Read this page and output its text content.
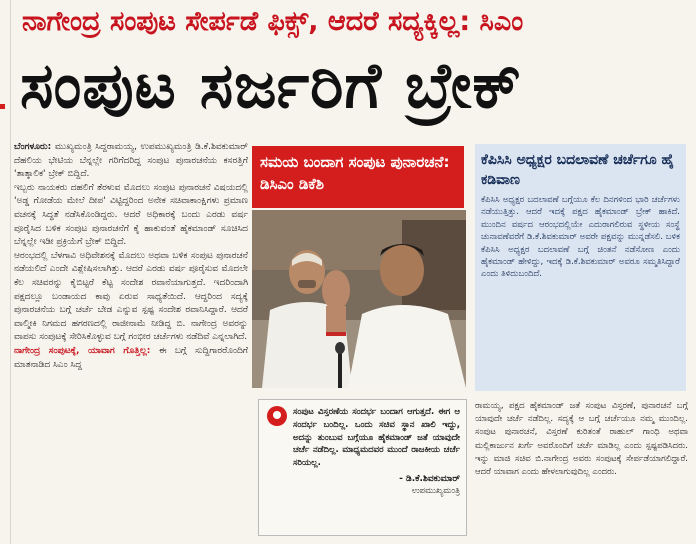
ನಾಗೇಂದ್ರ ಸಂಪುಟ ಸೇರ್ಪಡೆ ಫಿಕ್ಸ್, ಆದರೆ ಸದ್ಯಕ್ಕಿಲ್ಲ: ಸಿಎಂ
ಸಂಪುಟ ಸರ್ಜರಿಗೆ ಬ್ರೇಕ್

ಬೆಂಗಳೂರು: ಮುಖ್ಯಮಂತ್ರಿ ಸಿದ್ದರಾಮಯ್ಯ, ಉಪಮುಖ್ಯಮಂತ್ರಿ ಡಿ.ಕೆ.ಶಿವಕುಮಾರ್ ದೆಹಲಿಯ ಭೇಟಿಯ ಬೆನ್ನಲ್ಲೇ ಗರಿಗೆದರಿದ್ದ ಸಂಪುಟ ಪುನಾರಚನೆಯ ಕಸರತ್ತಿಗೆ 'ತಾತ್ಕಾಲಿಕ' ಬ್ರೇಕ್ ಬಿದ್ದಿದೆ.

ಇಬ್ಬರು ನಾಯಕರು ದಹಲಿಗೆ ತೆರಳುವ ಮೊದಲು ಸಂಪುಟ ಪುನಾರಚನೆ ವಿಷಯದಲ್ಲಿ 'ಅಡ್ಡ ಗೋಡೆಯ ಮೇಲೆ ದೀಪ' ವಿಟ್ಟಿದ್ದರಿಂದ ಅನೇಕ ಸಚಿವಾಕಾಂಕ್ಷಿಗಳು ಪ್ರಮಾಣ ವಚನಕ್ಕೆ ಸಿದ್ಧತೆ ನಡೆಸಿಕೊಂಡಿದ್ದರು. ಆದರೆ ಅಧಿಕಾರಕ್ಕೆ ಬಂದು ಎರಡು ವರ್ಷ ಪೂರೈಸಿದ ಬಳಿಕ ಸಂಪುಟ ಪುನಾರಚನೆಗೆ ಕೈ ಹಾಕುವಂತೆ ಹೈಕಮಾಂಡ್ ಸೂಚಿಸಿದ ಬೆನ್ನಲ್ಲೇ ಇಡೀ ಪ್ರಕ್ರಿಯೆಗೆ ಬ್ರೇಕ್ ಬಿದ್ದಿದೆ.

ಆರಂಭದಲ್ಲಿ ಬೆಳಗಾವಿ ಅಧಿವೇಶನಕ್ಕೆ ಮೊದಲು ಅಥವಾ ಬಳಿಕ ಸಂಪುಟ ಪುನಾರಚನೆ ನಡೆಯಲಿದೆ ಎಂದೇ ವಿಶ್ಲೇಷಿಸಲಾಗಿತ್ತು. ಆದರೆ ಎರಡು ವರ್ಷ ಪೂರೈಸುವ ಮೊದಲೇ ಕೆಲ ಸಚಿವರನ್ನು ಕೈಬಿಟ್ಟರೆ ಕೆಟ್ಟ ಸಂದೇಶ ರವಾನೆಯಾಗುತ್ತದೆ. ಇದರಿಂದಾಗಿ ಪಕ್ಷದಲ್ಲೂ ಬಂಡಾಯದ ಕಾವು ಏರುವ ಸಾಧ್ಯತೆಯಿದೆ. ಆದ್ದರಿಂದ ಸದ್ಯಕ್ಕೆ ಪುನಾರಚನೆಯ ಬಗ್ಗೆ ಚರ್ಚೆ ಬೇಡ ಎನ್ನುವ ಸ್ಪಷ್ಟ ಸಂದೇಶ ರವಾನಿಸಿದ್ದಾರೆ. ಆದರೆ ವಾಲ್ಮೀಕಿ ನಿಗಮದ ಹಗರಣದಲ್ಲಿ ರಾಜೀನಾಮೆ ನೀಡಿದ್ದ ಬಿ. ನಾಗೇಂದ್ರ ಅವರನ್ನು ವಾಪಸು ಸಂಪುಟಕ್ಕೆ ಸೇರಿಸಿಕೊಳ್ಳುವ ಬಗ್ಗೆ ಗಂಭೀರ ಚರ್ಚೆಗಳು ನಡೆದಿವೆ ಎನ್ನಲಾಗಿದೆ.

ನಾಗೇಂದ್ರ ಸಂಪುಟಕ್ಕೆ, ಯಾವಾಗ ಗೊತ್ತಿಲ್ಲ: ಈ ಬಗ್ಗೆ ಸುದ್ದಿಗಾರರೊಂದಿಗೆ ಮಾತನಾಡಿದ ಸಿಎಂ ಸಿದ್ದ

ಸಮಯ ಬಂದಾಗ ಸಂಪುಟ ಪುನಾರಚನೆ: ಡಿಸಿಎಂ ಡಿಕೆಶಿ
ಕೆಪಿಸಿಸಿ ಅಧ್ಯಕ್ಷರ ಬದಲಾವಣೆ ಚರ್ಚೆಗೂ ಹೈ ಕಡಿವಾಣ
ಕೆಪಿಸಿಸಿ ಅಧ್ಯಕ್ಷರ ಬದಲಾವಣೆ ಬಗ್ಗೆಯೂ ಕೆಲ ದಿನಗಳಿಂದ ಭಾರಿ ಚರ್ಚೆಗಳು ನಡೆಯುತ್ತಿತ್ತು. ಆದರೆ ಇದಕ್ಕೆ ಪಕ್ಷದ ಹೈಕಮಾಂಡ್ ಬ್ರೇಕ್ ಹಾಕಿದೆ. ಮುಂದಿನ ವರ್ಷದ ಆರಂಭದಲ್ಲಿಯೇ ಎದುರಾಗಲಿರುವ ಸ್ಥಳೀಯ ಸಂಸ್ಥೆ ಚುನಾವಣೆವರೆಗೆ ಡಿ.ಕೆ.ಶಿವಕುಮಾರ್ ಅವರೇ ಪಕ್ಷವನ್ನು ಮುನ್ನಡೆಸಲಿ. ಬಳಿಕ ಕೆಪಿಸಿಸಿ ಅಧ್ಯಕ್ಷರ ಬದಲಾವಣೆ ಬಗ್ಗೆ ಚಿಂತನೆ ನಡೆಸೋಣ ಎಂದು ಹೈಕಮಾಂಡ್ ಹೇಳಿದ್ದು, ಇದಕ್ಕೆ ಡಿ.ಕೆ.ಶಿವಕುಮಾರ್ ಅವರೂ ಸಮ್ಮತಿಸಿದ್ದಾರೆ ಎಂದು ತಿಳಿದುಬಂದಿದೆ.
ಸಂಪುಟ ವಿಸ್ತರಣೆಯ ಸಂದರ್ಭ ಬಂದಾಗ ಆಗುತ್ತದೆ. ಈಗ ಆ ಸಂದರ್ಭ ಬಂದಿಲ್ಲ. ಒಂದು ಸಚಿವ ಸ್ಥಾನ ಖಾಲಿ ಇದ್ದು, ಅದನ್ನು ತುಂಬುವ ಬಗ್ಗೆಯೂ ಹೈಕಮಾಂಡ್ ಜತೆ ಯಾವುದೇ ಚರ್ಚೆ ನಡೆದಿಲ್ಲ. ಮಾಧ್ಯಮದವರ ಮುಂದೆ ರಾಜಕೀಯ ಚರ್ಚೆ ಸರಿಯಲ್ಲ.
- ಡಿ.ಕೆ.ಶಿವಕುಮಾರ್
ಉಪಮುಖ್ಯಮಂತ್ರಿ
ರಾಮಯ್ಯ, ಪಕ್ಷದ ಹೈಕಮಾಂಡ್ ಜತೆ ಸಂಪುಟ ವಿಸ್ತರಣೆ, ಪುನಾರಚನೆ ಬಗ್ಗೆ ಯಾವುದೇ ಚರ್ಚೆ ನಡೆದಿಲ್ಲ. ಸದ್ಯಕ್ಕೆ ಆ ಬಗ್ಗೆ ಚರ್ಚೆಯೂ ನಮ್ಮ ಮುಂದಿಲ್ಲ. ಸಂಪುಟ ಪುನಾರಚನೆ, ವಿಸ್ತರಣೆ ಕುರಿತಂತೆ ರಾಹುಲ್ ಗಾಂಧಿ ಅಥವಾ ಮಲ್ಲಿಕಾರ್ಜುನ ಖರ್ಗೆ ಅವರೊಂದಿಗೆ ಚರ್ಚೆ ಮಾಡಿಲ್ಲ ಎಂದು ಸ್ಪಷ್ಟಪಡಿಸಿದರು. ಇನ್ನು ಮಾಜಿ ಸಚಿವ ಬಿ.ನಾಗೇಂದ್ರ ಅವರು ಸಂಪುಟಕ್ಕೆ ಸೇರ್ಪಡೆಯಾಗಲಿದ್ದಾರೆ. ಆದರೆ ಯಾವಾಗ ಎಂದು ಹೇಳಲಾಗುವುದಿಲ್ಲ ಎಂದರು.
